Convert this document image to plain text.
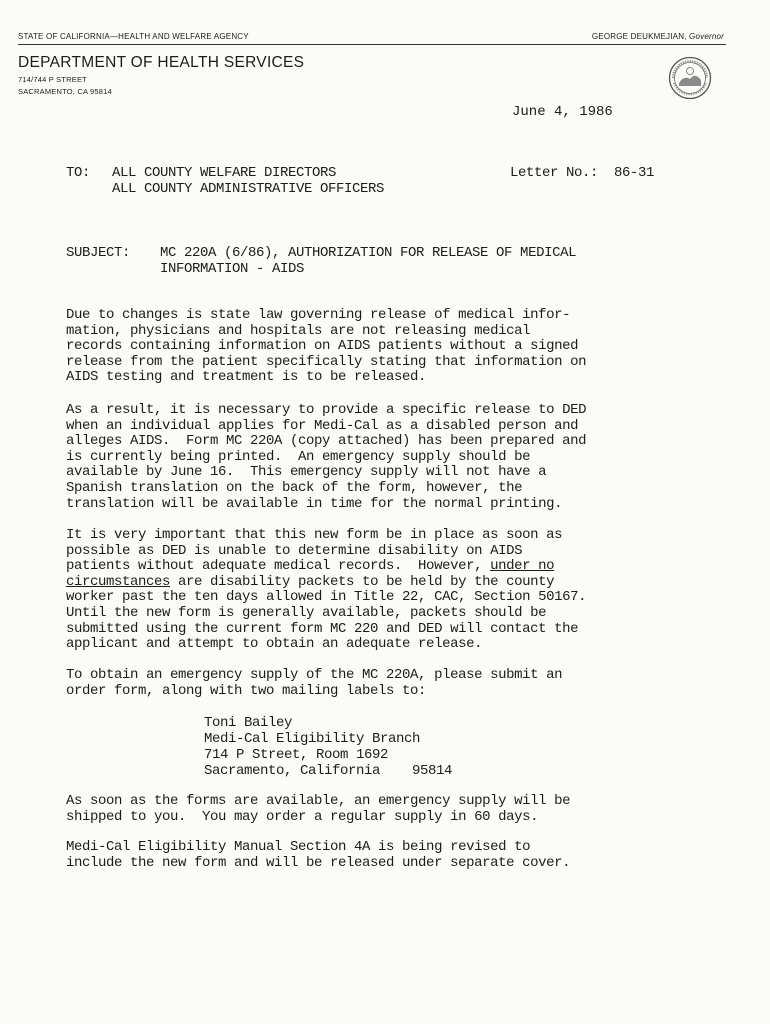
STATE OF CALIFORNIA—HEALTH AND WELFARE AGENCY	GEORGE DEUKMEJIAN, Governor
DEPARTMENT OF HEALTH SERVICES
714/744 P STREET
SACRAMENTO, CA 95814
June 4, 1986
TO: ALL COUNTY WELFARE DIRECTORS
ALL COUNTY ADMINISTRATIVE OFFICERS
Letter No.: 86-31
SUBJECT: MC 220A (6/86), AUTHORIZATION FOR RELEASE OF MEDICAL
INFORMATION - AIDS
Due to changes is state law governing release of medical infor-
mation, physicians and hospitals are not releasing medical
records containing information on AIDS patients without a signed
release from the patient specifically stating that information on
AIDS testing and treatment is to be released.
As a result, it is necessary to provide a specific release to DED
when an individual applies for Medi-Cal as a disabled person and
alleges AIDS.  Form MC 220A (copy attached) has been prepared and
is currently being printed.  An emergency supply should be
available by June 16.  This emergency supply will not have a
Spanish translation on the back of the form, however, the
translation will be available in time for the normal printing.
It is very important that this new form be in place as soon as
possible as DED is unable to determine disability on AIDS
patients without adequate medical records.  However, under no
circumstances are disability packets to be held by the county
worker past the ten days allowed in Title 22, CAC, Section 50167.
Until the new form is generally available, packets should be
submitted using the current form MC 220 and DED will contact the
applicant and attempt to obtain an adequate release.
To obtain an emergency supply of the MC 220A, please submit an
order form, along with two mailing labels to:
Toni Bailey
Medi-Cal Eligibility Branch
714 P Street, Room 1692
Sacramento, California    95814
As soon as the forms are available, an emergency supply will be
shipped to you.  You may order a regular supply in 60 days.
Medi-Cal Eligibility Manual Section 4A is being revised to
include the new form and will be released under separate cover.
